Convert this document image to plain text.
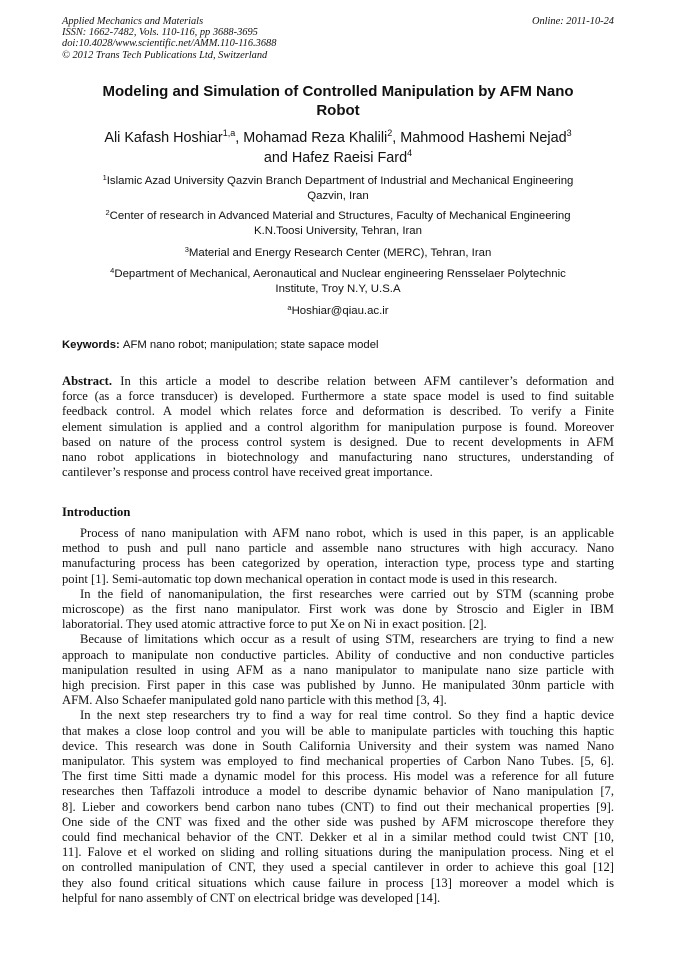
Applied Mechanics and Materials
ISSN: 1662-7482, Vols. 110-116, pp 3688-3695
doi:10.4028/www.scientific.net/AMM.110-116.3688
© 2012 Trans Tech Publications Ltd, Switzerland
Online: 2011-10-24
Modeling and Simulation of Controlled Manipulation by AFM Nano
Robot
Ali Kafash Hoshiar$^{1,a}$, Mohamad Reza Khalili$^2$, Mahmood Hashemi Nejad$^3$
and Hafez Raeisi Fard$^4$
$^1$Islamic Azad University Qazvin Branch Department of Industrial and Mechanical Engineering
Qazvin, Iran
$^2$Center of research in Advanced Material and Structures, Faculty of Mechanical Engineering
K.N.Toosi University, Tehran, Iran
$^3$Material and Energy Research Center (MERC), Tehran, Iran
$^4$Department of Mechanical, Aeronautical and Nuclear engineering Rensselaer Polytechnic
Institute, Troy N.Y, U.S.A
$^a$Hoshiar@qiau.ac.ir
Keywords: AFM nano robot; manipulation; state sapace model
Abstract. In this article a model to describe relation between AFM cantilever’s deformation and
force (as a force transducer) is developed. Furthermore a state space model is used to find suitable
feedback control. A model which relates force and deformation is described. To verify a Finite
element simulation is applied and a control algorithm for manipulation purpose is found. Moreover
based on nature of the process control system is designed. Due to recent developments in AFM
nano robot applications in biotechnology and manufacturing nano structures, understanding of
cantilever’s response and process control have received great importance.
Introduction
Process of nano manipulation with AFM nano robot, which is used in this paper, is an applicable
method to push and pull nano particle and assemble nano structures with high accuracy. Nano
manufacturing process has been categorized by operation, interaction type, process type and starting
point [1]. Semi-automatic top down mechanical operation in contact mode is used in this research.
In the field of nanomanipulation, the first researches were carried out by STM (scanning probe
microscope) as the first nano manipulator. First work was done by Stroscio and Eigler in IBM
laboratorial. They used atomic attractive force to put Xe on Ni in exact position. [2].
Because of limitations which occur as a result of using STM, researchers are trying to find a new
approach to manipulate non conductive particles. Ability of conductive and non conductive particles
manipulation resulted in using AFM as a nano manipulator to manipulate nano size particle with
high precision. First paper in this case was published by Junno. He manipulated 30nm particle with
AFM. Also Schaefer manipulated gold nano particle with this method [3, 4].
In the next step researchers try to find a way for real time control. So they find a haptic device
that makes a close loop control and you will be able to manipulate particles with touching this haptic
device. This research was done in South California University and their system was named Nano
manipulator. This system was employed to find mechanical properties of Carbon Nano Tubes. [5, 6].
The first time Sitti made a dynamic model for this process. His model was a reference for all future
researches then Taffazoli introduce a model to describe dynamic behavior of Nano manipulation [7,
8]. Lieber and coworkers bend carbon nano tubes (CNT) to find out their mechanical properties [9].
One side of the CNT was fixed and the other side was pushed by AFM microscope therefore they
could find mechanical behavior of the CNT. Dekker et al in a similar method could twist CNT [10,
11]. Falove et el worked on sliding and rolling situations during the manipulation process. Ning et el
on controlled manipulation of CNT, they used a special cantilever in order to achieve this goal [12]
they also found critical situations which cause failure in process [13] moreover a model which is
helpful for nano assembly of CNT on electrical bridge was developed [14].
